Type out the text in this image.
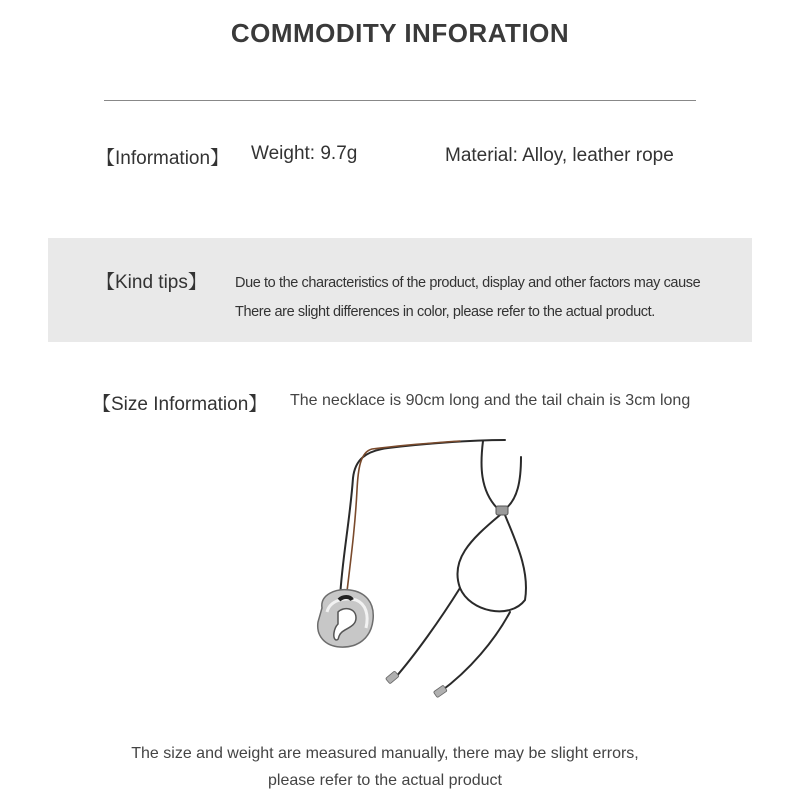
COMMODITY INFORATION
【Information】 Weight: 9.7g	Material: Alloy, leather rope
【Kind tips】 Due to the characteristics of the product, display and other factors may cause
There are slight differences in color, please refer to the actual product.
【Size Information】 The necklace is 90cm long and the tail chain is 3cm long
The size and weight are measured manually, there may be slight errors,
please refer to the actual product
